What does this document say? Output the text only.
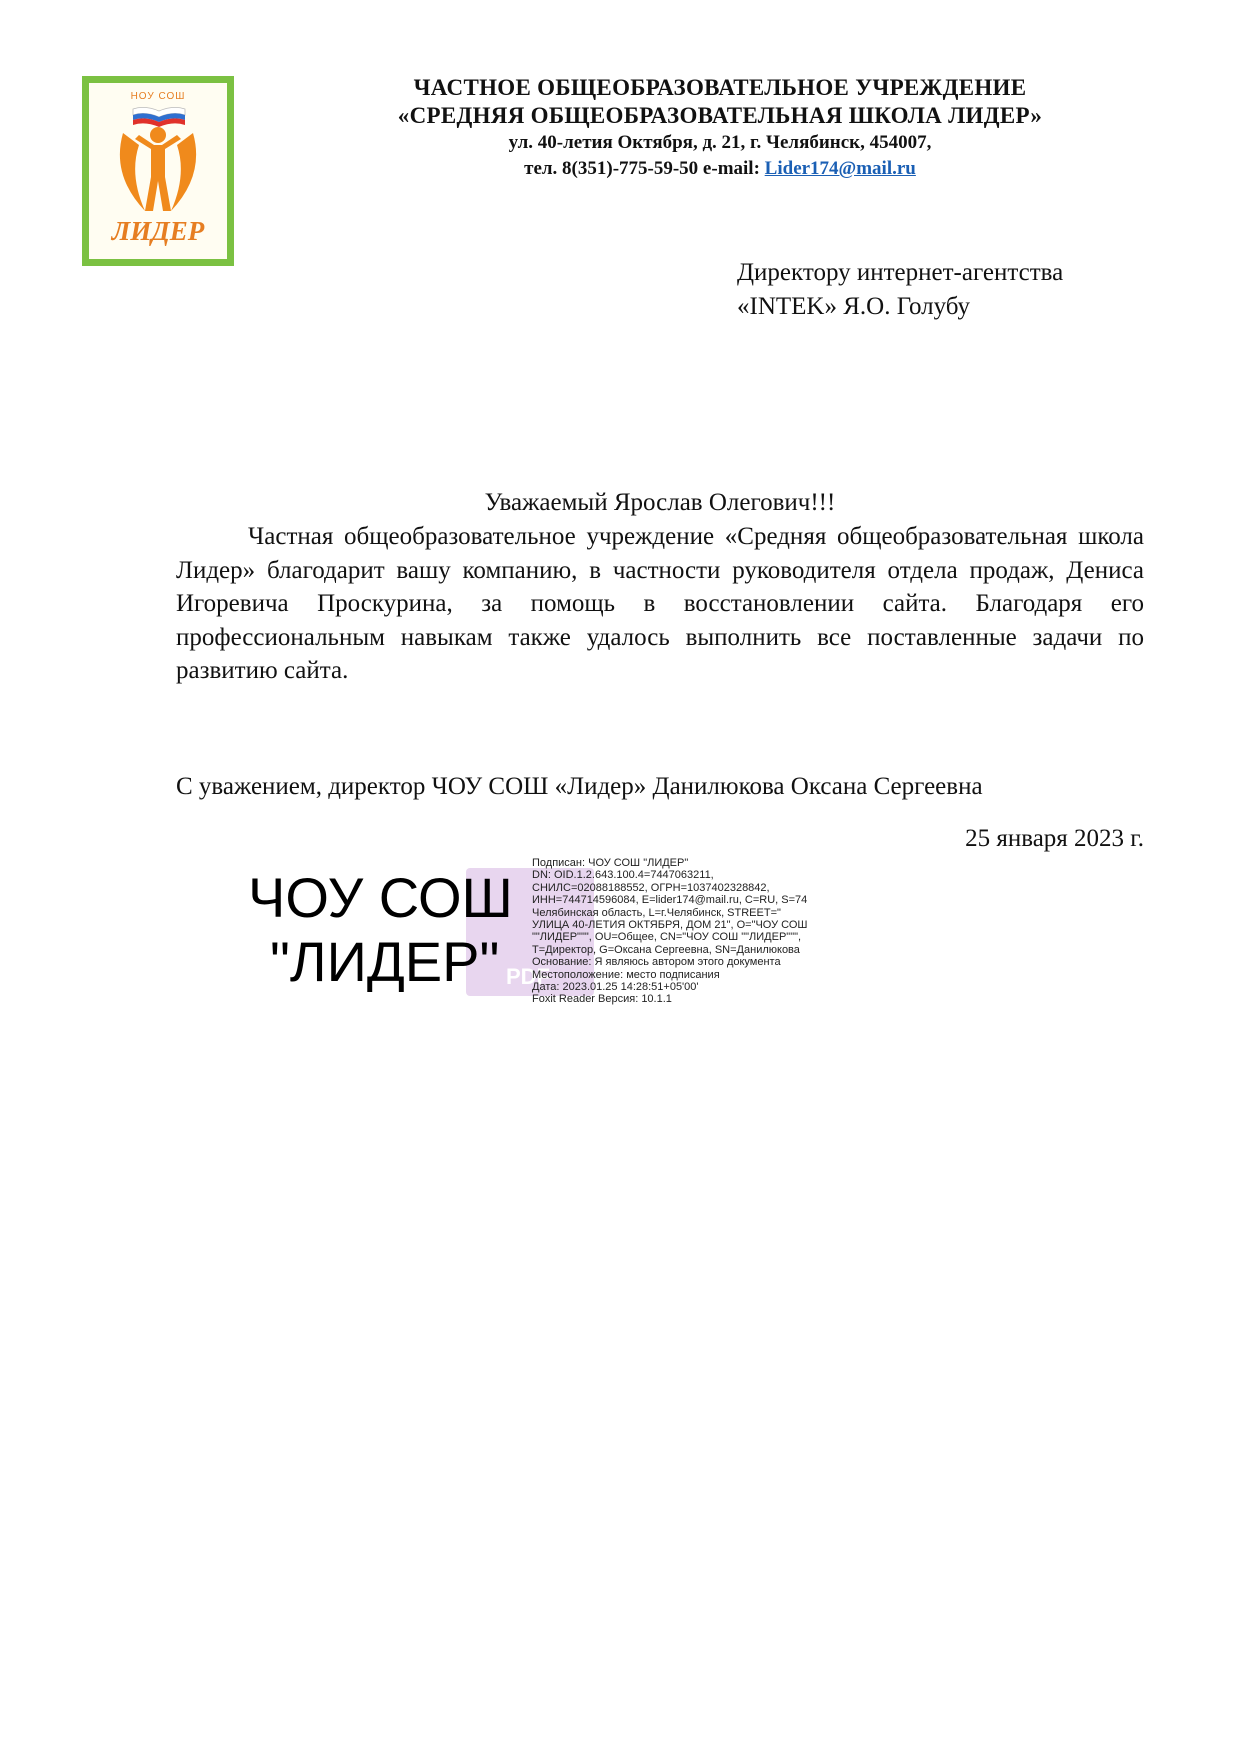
НОУ СОШ
ЛИДЕР
ЧАСТНОЕ ОБЩЕОБРАЗОВАТЕЛЬНОЕ УЧРЕЖДЕНИЕ
«СРЕДНЯЯ ОБЩЕОБРАЗОВАТЕЛЬНАЯ ШКОЛА ЛИДЕР»
ул. 40-летия Октября, д. 21, г. Челябинск, 454007,
тел. 8(351)-775-59-50 e-mail: Lider174@mail.ru
Директору интернет-агентства
«INTEK» Я.О. Голубу
Уважаемый Ярослав Олегович!!!
Частная общеобразовательное учреждение «Средняя общеобразовательная школа Лидер» благодарит вашу компанию, в частности руководителя отдела продаж, Дениса Игоревича Проскурина, за помощь в восстановлении сайта. Благодаря его профессиональным навыкам также удалось выполнить все поставленные задачи по развитию сайта.
С уважением, директор ЧОУ СОШ «Лидер» Данилюкова Оксана Сергеевна
25 января 2023 г.
PDF
ЧОУ СОШ
"ЛИДЕР"
Подписан: ЧОУ СОШ "ЛИДЕР"
DN: OID.1.2.643.100.4=7447063211,
СНИЛС=02088188552, ОГРН=1037402328842,
ИНН=744714596084, E=lider174@mail.ru, C=RU, S=74
Челябинская область, L=г.Челябинск, STREET="
УЛИЦА 40-ЛЕТИЯ ОКТЯБРЯ, ДОМ 21", O="ЧОУ СОШ
""ЛИДЕР""", OU=Общее, CN="ЧОУ СОШ ""ЛИДЕР""",
T=Директор, G=Оксана Сергеевна, SN=Данилюкова
Основание: Я являюсь автором этого документа
Местоположение: место подписания
Дата: 2023.01.25 14:28:51+05'00'
Foxit Reader Версия: 10.1.1
